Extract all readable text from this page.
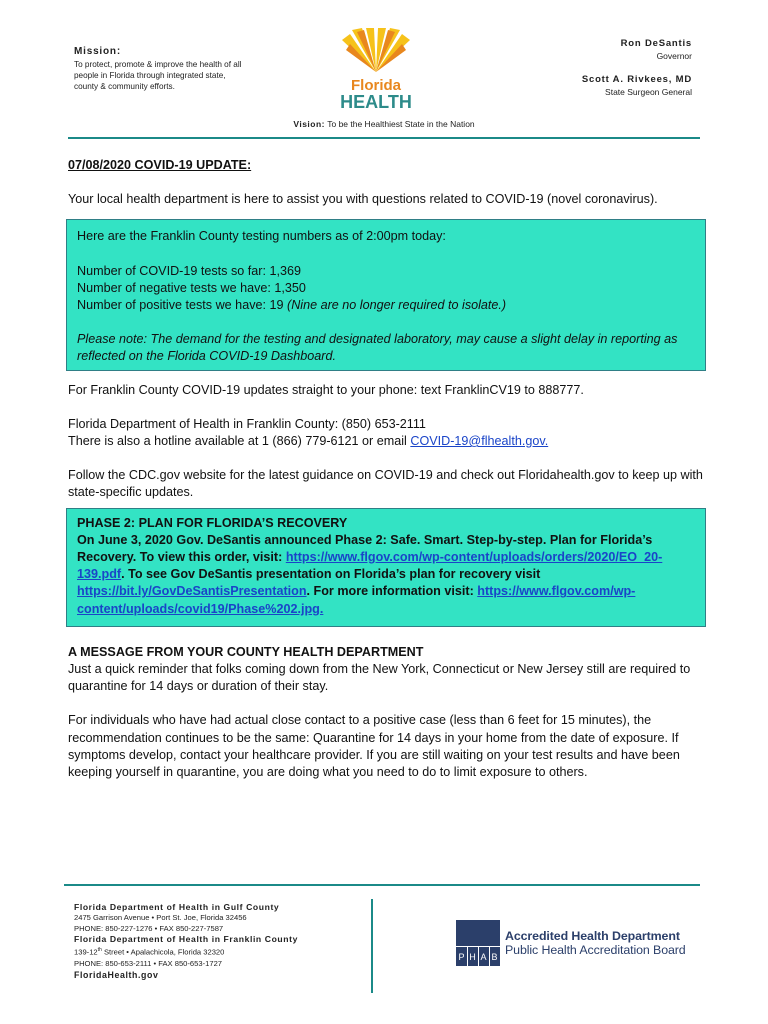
Mission:
To protect, promote & improve the health of all people in Florida through integrated state, county & community efforts.	Florida
HEALTH
Ron DeSantis
Governor
Scott A. Rivkees, MD
State Surgeon General
Vision: To be the Healthiest State in the Nation

07/08/2020 COVID-19 UPDATE:

Your local health department is here to assist you with questions related to COVID-19 (novel coronavirus).

Here are the Franklin County testing numbers as of 2:00pm today:

Number of COVID-19 tests so far: 1,369

Number of negative tests we have: 1,350

Number of positive tests we have: 19 (Nine are no longer required to isolate.)

Please note: The demand for the testing and designated laboratory, may cause a slight delay in reporting as reflected on the Florida COVID-19 Dashboard.

For Franklin County COVID-19 updates straight to your phone: text FranklinCV19 to 888777.

Florida Department of Health in Franklin County: (850) 653-2111

There is also a hotline available at 1 (866) 779-6121 or email COVID-19@flhealth.gov.

Follow the CDC.gov website for the latest guidance on COVID-19 and check out Floridahealth.gov to keep up with state-specific updates.

PHASE 2: PLAN FOR FLORIDA’S RECOVERY

On June 3, 2020 Gov. DeSantis announced Phase 2: Safe. Smart. Step-by-step. Plan for Florida’s Recovery. To view this order, visit: https://www.flgov.com/wp-content/uploads/orders/2020/EO_20-139.pdf. To see Gov DeSantis presentation on Florida’s plan for recovery visit https://bit.ly/GovDeSantisPresentation. For more information visit: https://www.flgov.com/wp-content/uploads/covid19/Phase%202.jpg.

A MESSAGE FROM YOUR COUNTY HEALTH DEPARTMENT

Just a quick reminder that folks coming down from the New York, Connecticut or New Jersey still are required to quarantine for 14 days or duration of their stay.

For individuals who have had actual close contact to a positive case (less than 6 feet for 15 minutes), the recommendation continues to be the same: Quarantine for 14 days in your home from the date of exposure. If symptoms develop, contact your healthcare provider. If you are still waiting on your test results and have been keeping yourself in quarantine, you are doing what you need to do to limit exposure to others.

Florida Department of Health in Gulf County
2475 Garrison Avenue • Port St. Joe, Florida 32456
PHONE: 850-227-1276 • FAX 850-227-7587
Florida Department of Health in Franklin County
139-12th Street • Apalachicola, Florida 32320
PHONE: 850-653-2111 • FAX 850-653-1727
FloridaHealth.gov
P H A B
Accredited Health Department
Public Health Accreditation Board
